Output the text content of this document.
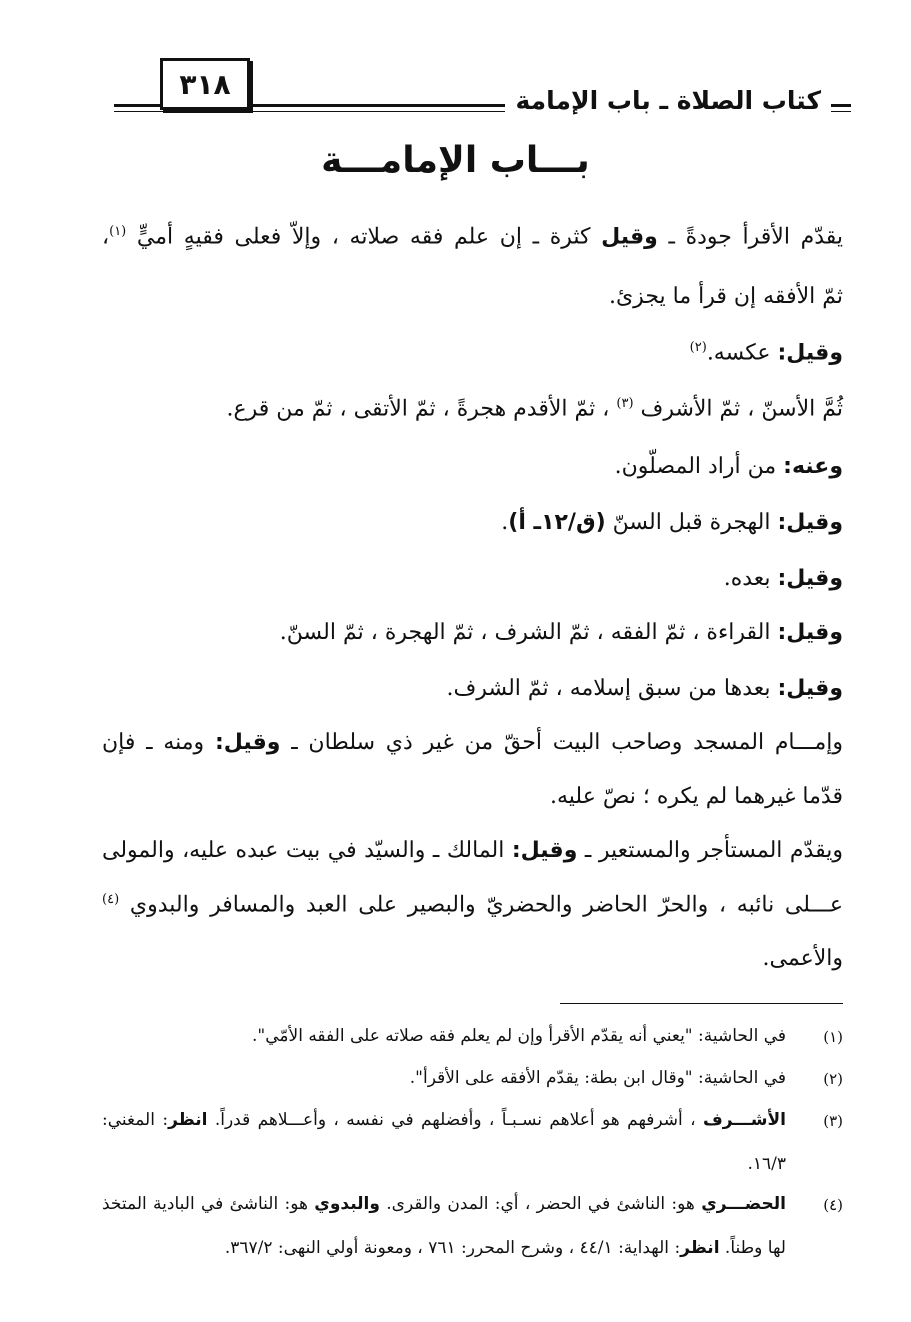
٣١٨	كتاب الصلاة ـ باب الإمامة
بـــاب الإمامـــة
يقدّم الأقرأ جودةً ـ وقيل كثرة ـ إن علم فقه صلاته ، وإلاّ فعلى فقيهٍ أميٍّ $^{(١)}$،
ثمّ الأفقه إن قرأ ما يجزئ.
وقيل: عكسه.$^{(٢)}$
ثُمَّ الأسنّ ، ثمّ الأشرف $^{(٣)}$ ، ثمّ الأقدم هجرةً ، ثمّ الأتقى ، ثمّ من قرع.
وعنه: من أراد المصلّون.
وقيل: الهجرة قبل السنّ (ق/١٢ـ أ).
وقيل: بعده.
وقيل: القراءة ، ثمّ الفقه ، ثمّ الشرف ، ثمّ الهجرة ، ثمّ السنّ.
وقيل: بعدها من سبق إسلامه ، ثمّ الشرف.
وإمـــام المسجد وصاحب البيت أحقّ من غير ذي سلطان ـ وقيل: ومنه ـ فإن
قدّما غيرهما لم يكره ؛ نصّ عليه.
ويقدّم المستأجر والمستعير ـ وقيل: المالك ـ والسيّد في بيت عبده عليه، والمولى
عـــلى نائبه ، والحرّ الحاضر والحضريّ والبصير على العبد والمسافر والبدوي $^{(٤)}$
والأعمى.
(١)
في الحاشية: "يعني أنه يقدّم الأقرأ وإن لم يعلم فقه صلاته على الفقه الأمّي".
(٢)
في الحاشية: "وقال ابن بطة: يقدّم الأفقه على الأقرأ".
(٣)
الأشـــرف ، أشرفهم هو أعلاهم نسـبـاً ، وأفضلهم في نفسه ، وأعـــلاهم قدراً. انظر: المغني:
١٦/٣.
(٤)
الحضـــري هو: الناشئ في الحضر ، أي: المدن والقرى. والبدوي هو: الناشئ في البادية المتخذ
لها وطناً. انظر: الهداية: ٤٤/١ ، وشرح المحرر: ٧٦١ ، ومعونة أولي النهى: ٣٦٧/٢.
